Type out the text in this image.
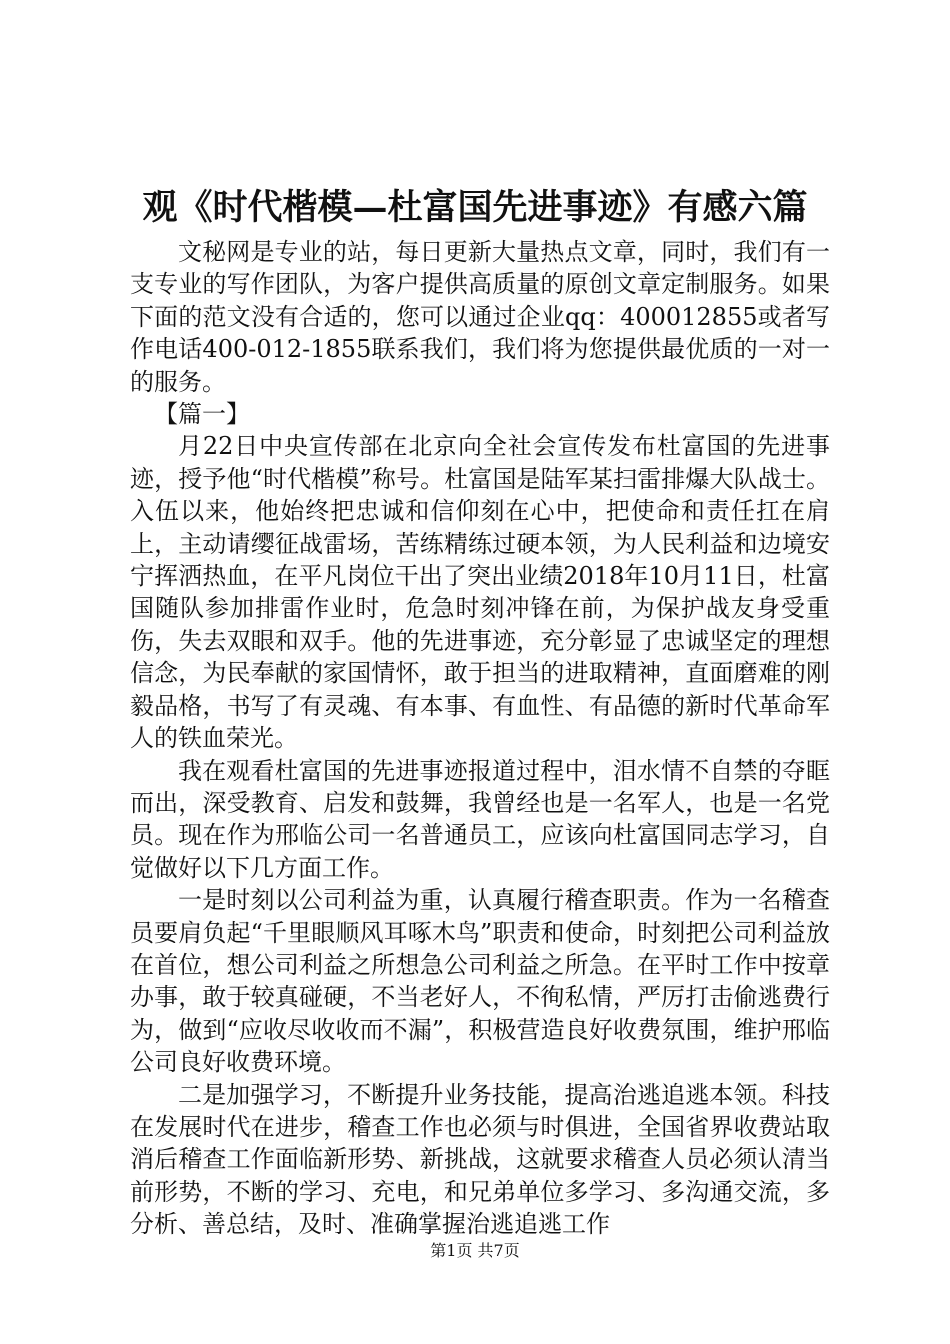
观《时代楷模—杜富国先进事迹》有感六篇

文秘网是专业的站，每日更新大量热点文章，同时，我们有一支专业的写作团队，为客户提供高质量的原创文章定制服务。如果下面的范文没有合适的，您可以通过企业qq：400012855或者写作电话400-012-1855联系我们，我们将为您提供最优质的一对一的服务。

【篇一】

月22日中央宣传部在北京向全社会宣传发布杜富国的先进事迹，授予他“时代楷模”称号。杜富国是陆军某扫雷排爆大队战士。入伍以来，他始终把忠诚和信仰刻在心中，把使命和责任扛在肩上，主动请缨征战雷场，苦练精练过硬本领，为人民利益和边境安宁挥洒热血，在平凡岗位干出了突出业绩2018年10月11日，杜富国随队参加排雷作业时，危急时刻冲锋在前，为保护战友身受重伤，失去双眼和双手。他的先进事迹，充分彰显了忠诚坚定的理想信念，为民奉献的家国情怀，敢于担当的进取精神，直面磨难的刚毅品格，书写了有灵魂、有本事、有血性、有品德的新时代革命军人的铁血荣光。

我在观看杜富国的先进事迹报道过程中，泪水情不自禁的夺眶而出，深受教育、启发和鼓舞，我曾经也是一名军人，也是一名党员。现在作为邢临公司一名普通员工，应该向杜富国同志学习，自觉做好以下几方面工作。

一是时刻以公司利益为重，认真履行稽查职责。作为一名稽查员要肩负起“千里眼顺风耳啄木鸟”职责和使命，时刻把公司利益放在首位，想公司利益之所想急公司利益之所急。在平时工作中按章办事，敢于较真碰硬，不当老好人，不徇私情，严厉打击偷逃费行为，做到“应收尽收收而不漏”，积极营造良好收费氛围，维护邢临公司良好收费环境。

二是加强学习，不断提升业务技能，提高治逃追逃本领。科技在发展时代在进步，稽查工作也必须与时俱进，全国省界收费站取消后稽查工作面临新形势、新挑战，这就要求稽查人员必须认清当前形势，不断的学习、充电，和兄弟单位多学习、多沟通交流，多分析、善总结，及时、准确掌握治逃追逃工作

第1页 共7页
